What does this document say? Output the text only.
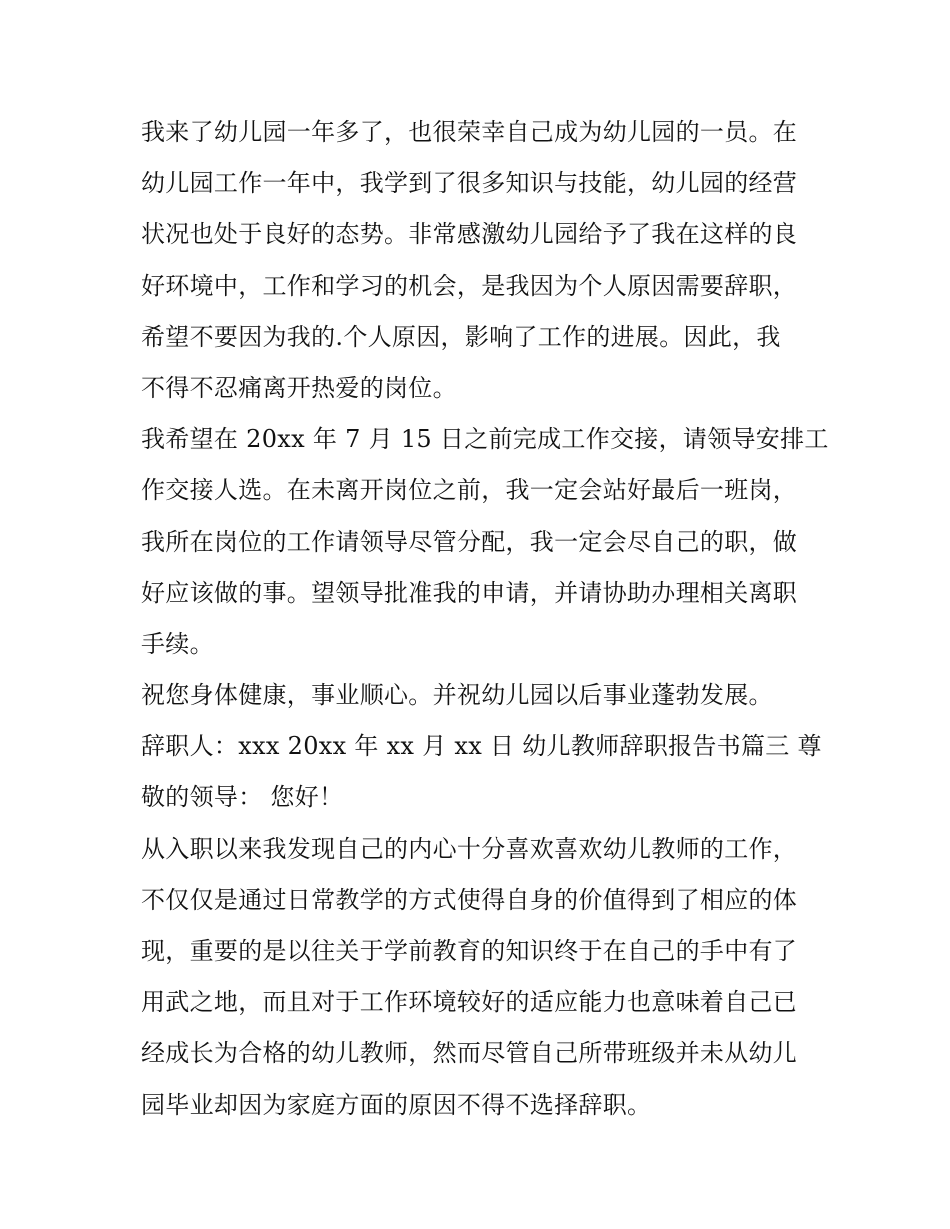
我来了幼儿园一年多了，也很荣幸自己成为幼儿园的一员。在
幼儿园工作一年中，我学到了很多知识与技能，幼儿园的经营
状况也处于良好的态势。非常感激幼儿园给予了我在这样的良
好环境中，工作和学习的机会，是我因为个人原因需要辞职，
希望不要因为我的.个人原因，影响了工作的进展。因此，我
不得不忍痛离开热爱的岗位。
我希望在 20xx 年 7 月 15 日之前完成工作交接，请领导安排工
作交接人选。在未离开岗位之前，我一定会站好最后一班岗，
我所在岗位的工作请领导尽管分配，我一定会尽自己的职，做
好应该做的事。望领导批准我的申请，并请协助办理相关离职
手续。
祝您身体健康，事业顺心。并祝幼儿园以后事业蓬勃发展。
辞职人：xxx 20xx 年 xx 月 xx 日 幼儿教师辞职报告书篇三 尊
敬的领导： 您好！
从入职以来我发现自己的内心十分喜欢喜欢幼儿教师的工作，
不仅仅是通过日常教学的方式使得自身的价值得到了相应的体
现，重要的是以往关于学前教育的知识终于在自己的手中有了
用武之地，而且对于工作环境较好的适应能力也意味着自己已
经成长为合格的幼儿教师，然而尽管自己所带班级并未从幼儿
园毕业却因为家庭方面的原因不得不选择辞职。
